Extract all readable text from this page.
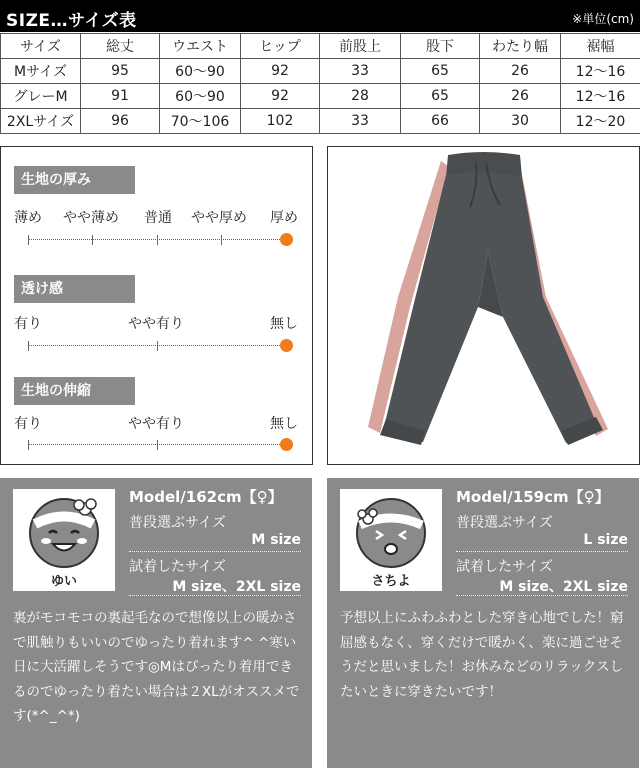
SIZE…サイズ表	※単位(cm)
サイズ	総丈	ウエスト	ヒップ	前股上	股下	わたり幅	裾幅
Mサイズ	95	60〜90	92	33	65	26	12〜16
グレーM	91	60〜90	92	28	65	26	12〜16
2XLサイズ	96	70〜106	102	33	66	30	12〜20
生地の厚み
薄め やや薄め 普通 やや厚め 厚め
透け感
有り	やや有り	無し
生地の伸縮
有り	やや有り	無し
ゆい
Model/162cm【♀】
普段選ぶサイズ
M size
試着したサイズ
M size、2XL size
裏がモコモコの裏起毛なので想像以上の暖かさで肌触りもいいのでゆったり着れます^ ^寒い日に大活躍しそうです◎Mはぴったり着用できるのでゆったり着たい場合は２XLがオススメです(*^_^*)
さちよ
Model/159cm【♀】
普段選ぶサイズ
L size
試着したサイズ
M size、2XL size
予想以上にふわふわとした穿き心地でした！窮屈感もなく、穿くだけで暖かく、楽に過ごせそうだと思いました！お休みなどのリラックスしたいときに穿きたいです！
